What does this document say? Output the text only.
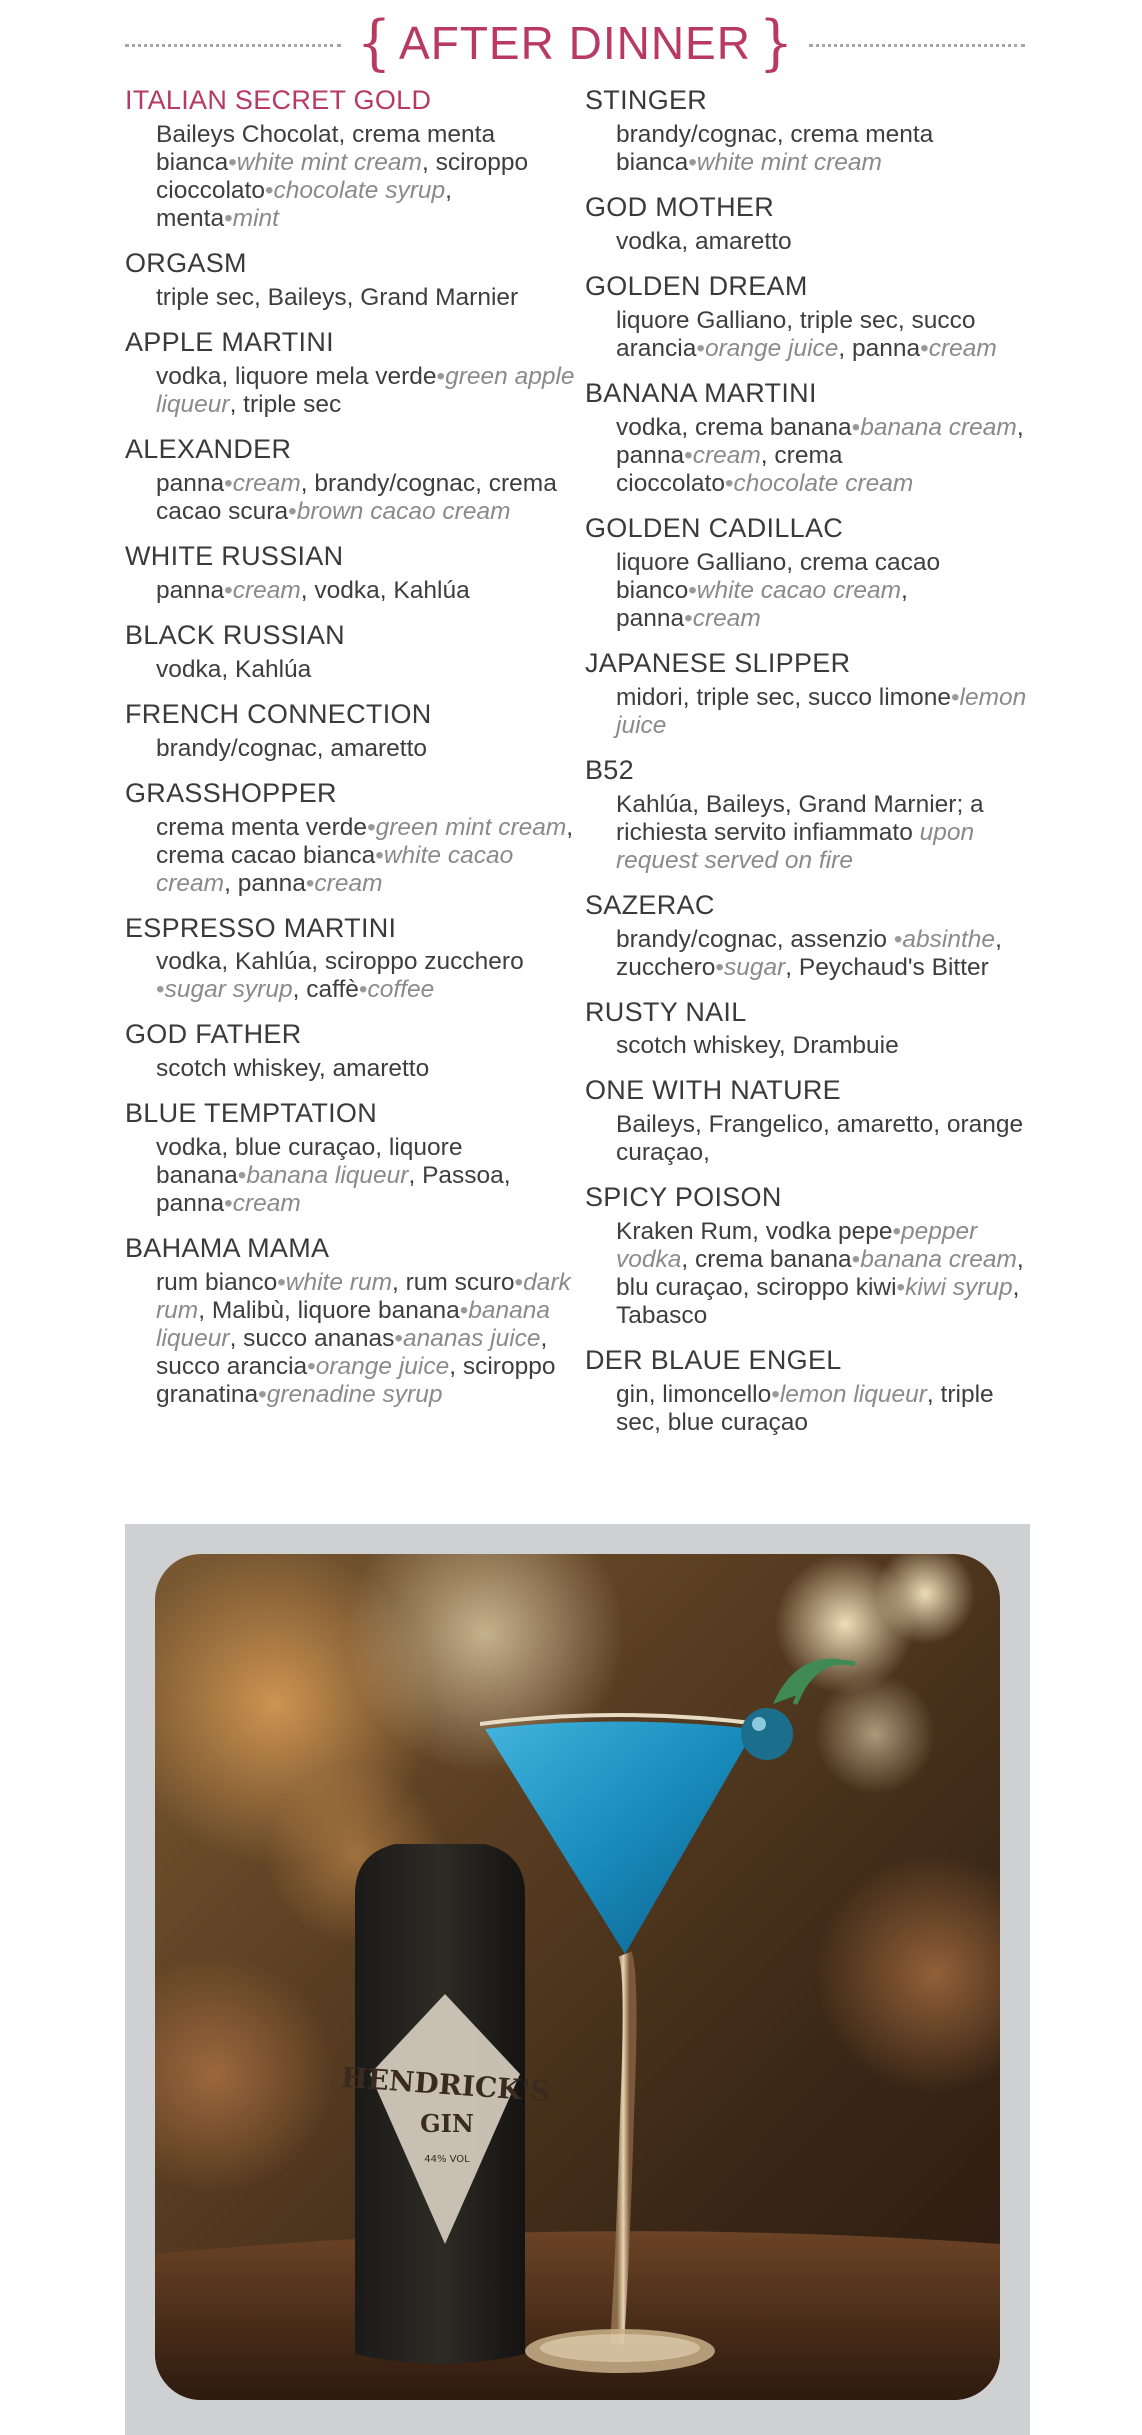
{ AFTER DINNER }
ITALIAN SECRET GOLD
Baileys Chocolat, crema menta bianca•white mint cream, sciroppo cioccolato•chocolate syrup, menta•mint
ORGASM
triple sec, Baileys, Grand Marnier
APPLE MARTINI
vodka, liquore mela verde•green apple liqueur, triple sec
ALEXANDER
panna•cream, brandy/cognac, crema cacao scura•brown cacao cream
WHITE RUSSIAN
panna•cream, vodka, Kahlúa
BLACK RUSSIAN
vodka, Kahlúa
FRENCH CONNECTION
brandy/cognac, amaretto
GRASSHOPPER
crema menta verde•green mint cream, crema cacao bianca•white cacao cream, panna•cream
ESPRESSO MARTINI
vodka, Kahlúa, sciroppo zucchero •sugar syrup, caffè•coffee
GOD FATHER
scotch whiskey, amaretto
BLUE TEMPTATION
vodka, blue curaçao, liquore banana•banana liqueur, Passoa, panna•cream
BAHAMA MAMA
rum bianco•white rum, rum scuro•dark rum, Malibù, liquore banana•banana liqueur, succo ananas•ananas juice, succo arancia•orange juice, sciroppo granatina•grenadine syrup
STINGER
brandy/cognac, crema menta bianca•white mint cream
GOD MOTHER
vodka, amaretto
GOLDEN DREAM
liquore Galliano, triple sec, succo arancia•orange juice, panna•cream
BANANA MARTINI
vodka, crema banana•banana cream, panna•cream, crema cioccolato•chocolate cream
GOLDEN CADILLAC
liquore Galliano, crema cacao bianco•white cacao cream, panna•cream
JAPANESE SLIPPER
midori, triple sec, succo limone•lemon juice
B52
Kahlúa, Baileys, Grand Marnier; a richiesta servito infiammato upon request served on fire
SAZERAC
brandy/cognac, assenzio •absinthe, zucchero•sugar, Peychaud's Bitter
RUSTY NAIL
scotch whiskey, Drambuie
ONE WITH NATURE
Baileys, Frangelico, amaretto, orange curaçao,
SPICY POISON
Kraken Rum, vodka pepe•pepper vodka, crema banana•banana cream, blu curaçao, sciroppo kiwi•kiwi syrup, Tabasco
DER BLAUE ENGEL
gin, limoncello•lemon liqueur, triple sec, blue curaçao
HENDRICK'S
GIN
44% VOL
